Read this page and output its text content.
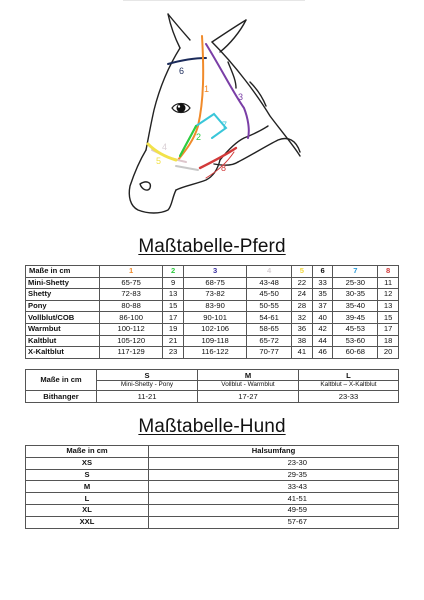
6
1
3
2
7
4
5
8
Maßtabelle-Pferd
Maße in cm	1	2	3	4	5	6	7	8
Mini-Shetty	65-75	9	68-75	43-48	22	33	25-30	11
Shetty	72-83	13	73-82	45-50	24	35	30-35	12
Pony	80-88	15	83-90	50-55	28	37	35-40	13
Vollblut/COB	86-100	17	90-101	54-61	32	40	39-45	15
Warmbut	100-112	19	102-106	58-65	36	42	45-53	17
Kaltblut	105-120	21	109-118	65-72	38	44	53-60	18
X-Kaltblut	117-129	23	116-122	70-77	41	46	60-68	20
Maße in cm	S	M	L
	Mini-Shetty - Pony	Vollblut - Warmblut	Kaltblut – X-Kaltblut
Bithanger	11-21	17-27	23-33
Maßtabelle-Hund
Maße in cm	Halsumfang
XS	23-30
S	29-35
M	33-43
L	41-51
XL	49-59
XXL	57-67
